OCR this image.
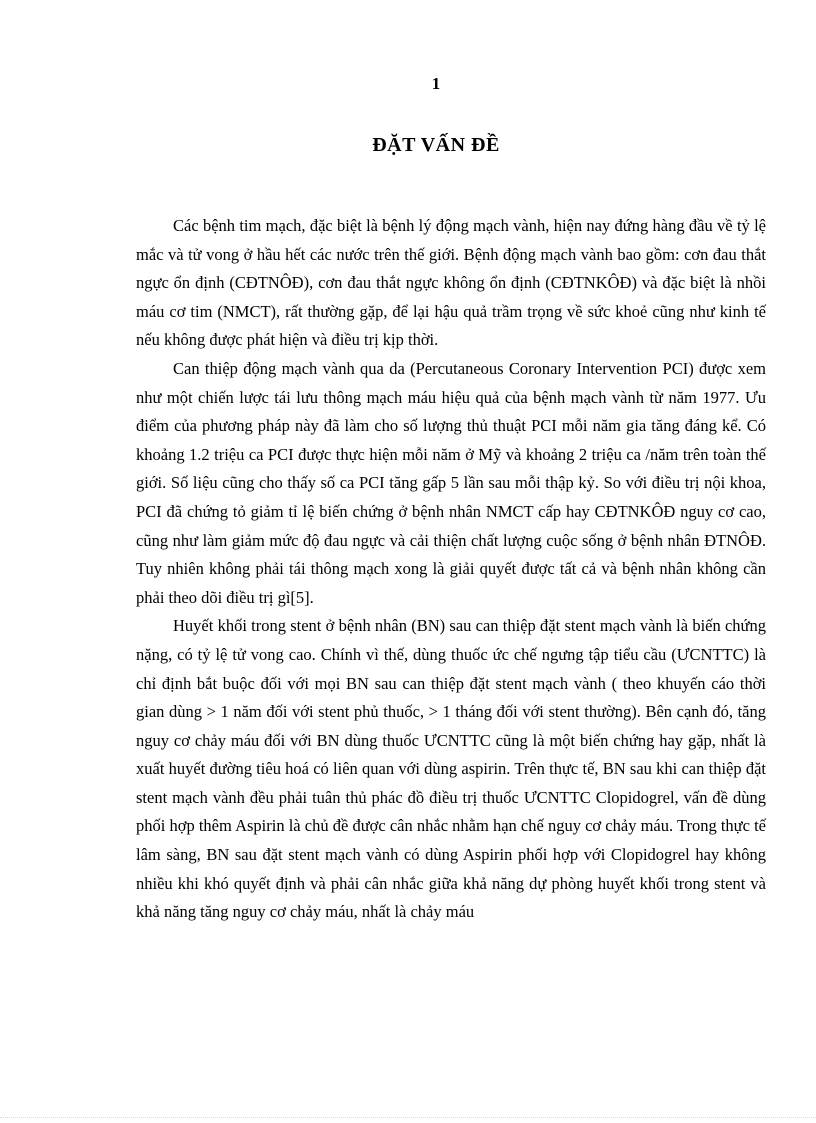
1
ĐẶT VẤN ĐỀ

Các bệnh tim mạch, đặc biệt là bệnh lý động mạch vành, hiện nay đứng hàng đầu về tỷ lệ mắc và tử vong ở hầu hết các nước trên thế giới. Bệnh động mạch vành bao gồm: cơn đau thắt ngực ổn định (CĐTNÔĐ), cơn đau thắt ngực không ổn định (CĐTNKÔĐ) và đặc biệt là nhồi máu cơ tim (NMCT), rất thường gặp, để lại hậu quả trầm trọng về sức khoẻ cũng như kinh tế nếu không được phát hiện và điều trị kịp thời.

Can thiệp động mạch vành qua da (Percutaneous Coronary Intervention PCI) được xem như một chiến lược tái lưu thông mạch máu hiệu quả của bệnh mạch vành từ năm 1977. Ưu điểm của phương pháp này đã làm cho số lượng thủ thuật PCI mỗi năm gia tăng đáng kể. Có khoảng 1.2 triệu ca PCI được thực hiện mỗi năm ở Mỹ và khoảng 2 triệu ca /năm trên toàn thế giới. Số liệu cũng cho thấy số ca PCI tăng gấp 5 lần sau mỗi thập kỷ. So với điều trị nội khoa, PCI đã chứng tỏ giảm tỉ lệ biến chứng ở bệnh nhân NMCT cấp hay CĐTNKÔĐ nguy cơ cao, cũng như làm giảm mức độ đau ngực và cải thiện chất lượng cuộc sống ở bệnh nhân ĐTNÔĐ. Tuy nhiên không phải tái thông mạch xong là giải quyết được tất cả và bệnh nhân không cần phải theo dõi điều trị gì[5].

Huyết khối trong stent ở bệnh nhân (BN) sau can thiệp đặt stent mạch vành là biến chứng nặng, có tỷ lệ tử vong cao. Chính vì thế, dùng thuốc ức chế ngưng tập tiểu cầu (ƯCNTTC) là chỉ định bắt buộc đối với mọi BN sau can thiệp đặt stent mạch vành ( theo khuyến cáo thời gian dùng > 1 năm đối với stent phủ thuốc, > 1 tháng đối với stent thường). Bên cạnh đó, tăng nguy cơ chảy máu đối với BN dùng thuốc ƯCNTTC cũng là một biến chứng hay gặp, nhất là xuất huyết đường tiêu hoá có liên quan với dùng aspirin. Trên thực tế, BN sau khi can thiệp đặt stent mạch vành đều phải tuân thủ phác đồ điều trị thuốc ƯCNTTC Clopidogrel, vấn đề dùng phối hợp thêm Aspirin là chủ đề được cân nhắc nhằm hạn chế nguy cơ chảy máu. Trong thực tế lâm sàng, BN sau đặt stent mạch vành có dùng Aspirin phối hợp với Clopidogrel hay không nhiều khi khó quyết định và phải cân nhắc giữa khả năng dự phòng huyết khối trong stent và khả năng tăng nguy cơ chảy máu, nhất là chảy máu
